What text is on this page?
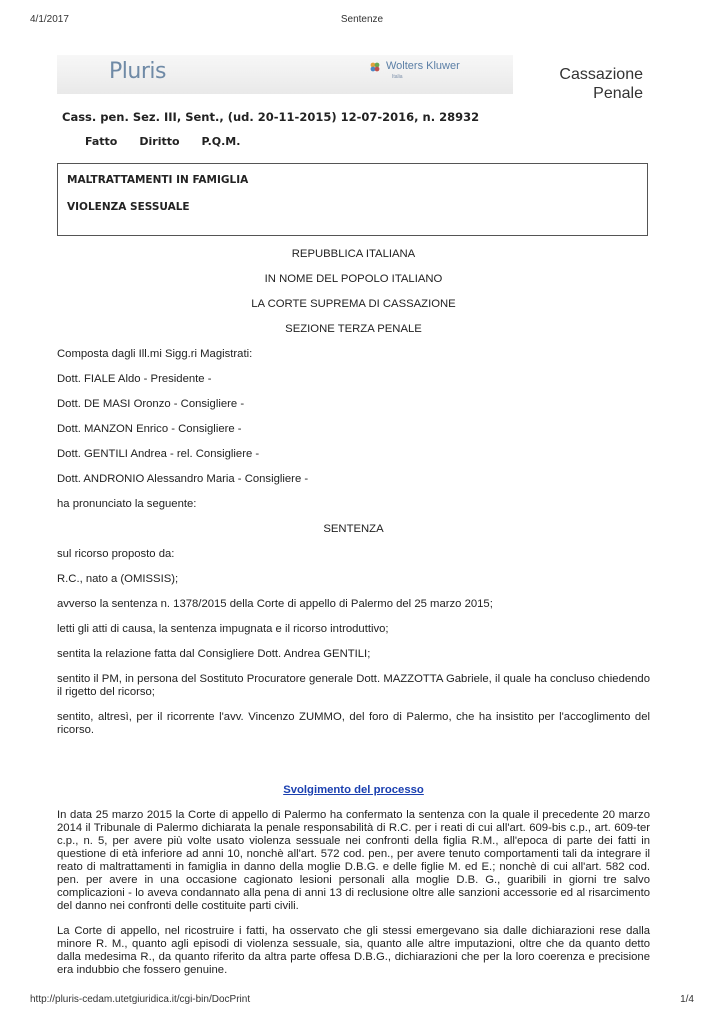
4/1/2017	Sentenze
Pluris	Wolters Kluwer
Italia	Cassazione
Penale
Cass. pen. Sez. III, Sent., (ud. 20-11-2015) 12-07-2016, n. 28932
Fatto Diritto P.Q.M.
MALTRATTAMENTI IN FAMIGLIA
VIOLENZA SESSUALE

REPUBBLICA ITALIANA

IN NOME DEL POPOLO ITALIANO

LA CORTE SUPREMA DI CASSAZIONE

SEZIONE TERZA PENALE

Composta dagli Ill.mi Sigg.ri Magistrati:

Dott. FIALE Aldo - Presidente -

Dott. DE MASI Oronzo - Consigliere -

Dott. MANZON Enrico - Consigliere -

Dott. GENTILI Andrea - rel. Consigliere -

Dott. ANDRONIO Alessandro Maria - Consigliere -

ha pronunciato la seguente:

SENTENZA

sul ricorso proposto da:

R.C., nato a (OMISSIS);

avverso la sentenza n. 1378/2015 della Corte di appello di Palermo del 25 marzo 2015;

letti gli atti di causa, la sentenza impugnata e il ricorso introduttivo;

sentita la relazione fatta dal Consigliere Dott. Andrea GENTILI;

sentito il PM, in persona del Sostituto Procuratore generale Dott. MAZZOTTA Gabriele, il quale ha concluso chiedendo il rigetto del ricorso;

sentito, altresì, per il ricorrente l'avv. Vincenzo ZUMMO, del foro di Palermo, che ha insistito per l'accoglimento del ricorso.

Svolgimento del processo

In data 25 marzo 2015 la Corte di appello di Palermo ha confermato la sentenza con la quale il precedente 20 marzo 2014 il Tribunale di Palermo dichiarata la penale responsabilità di R.C. per i reati di cui all'art. 609-bis c.p., art. 609-ter c.p., n. 5, per avere più volte usato violenza sessuale nei confronti della figlia R.M., all'epoca di parte dei fatti in questione di età inferiore ad anni 10, nonchè all'art. 572 cod. pen., per avere tenuto comportamenti tali da integrare il reato di maltrattamenti in famiglia in danno della moglie D.B.G. e delle figlie M. ed E.; nonchè di cui all'art. 582 cod. pen. per avere in una occasione cagionato lesioni personali alla moglie D.B. G., guaribili in giorni tre salvo complicazioni - lo aveva condannato alla pena di anni 13 di reclusione oltre alle sanzioni accessorie ed al risarcimento del danno nei confronti delle costituite parti civili.

La Corte di appello, nel ricostruire i fatti, ha osservato che gli stessi emergevano sia dalle dichiarazioni rese dalla minore R. M., quanto agli episodi di violenza sessuale, sia, quanto alle altre imputazioni, oltre che da quanto detto dalla medesima R., da quanto riferito da altra parte offesa D.B.G., dichiarazioni che per la loro coerenza e precisione era indubbio che fossero genuine.

http://pluris-cedam.utetgiuridica.it/cgi-bin/DocPrint	1/4
